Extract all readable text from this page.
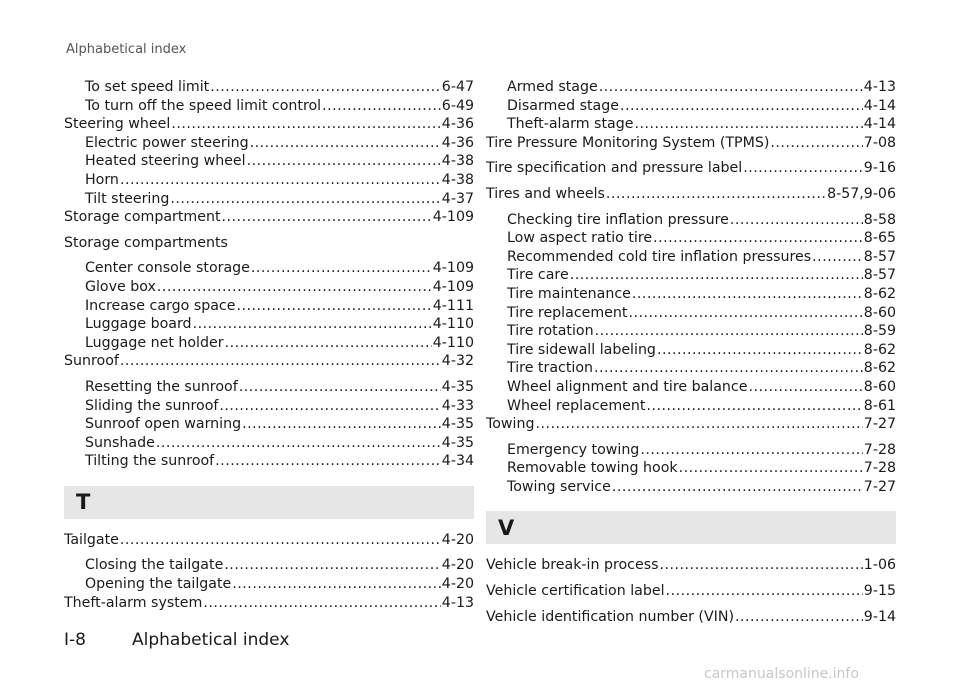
Alphabetical index
To set speed limit .....	6-47
To turn off the speed limit control .....	6-49
Steering wheel .....	4-36
Electric power steering .....	4-36
Heated steering wheel .....	4-38
Horn .....	4-38
Tilt steering .....	4-37
Storage compartment .....	4-109
Storage compartments
Center console storage .....	4-109
Glove box .....	4-109
Increase cargo space .....	4-111
Luggage board .....	4-110
Luggage net holder .....	4-110
Sunroof .....	4-32
Resetting the sunroof .....	4-35
Sliding the sunroof .....	4-33
Sunroof open warning .....	4-35
Sunshade .....	4-35
Tilting the sunroof .....	4-34
T
Tailgate .....	4-20
Closing the tailgate .....	4-20
Opening the tailgate .....	4-20
Theft-alarm system .....	4-13
Armed stage .....	4-13
Disarmed stage .....	4-14
Theft-alarm stage .....	4-14
Tire Pressure Monitoring System (TPMS) .....	7-08
Tire specification and pressure label .....	9-16
Tires and wheels .....	8-57,9-06
Checking tire inflation pressure .....	8-58
Low aspect ratio tire .....	8-65
Recommended cold tire inflation pressures .....	8-57
Tire care .....	8-57
Tire maintenance .....	8-62
Tire replacement .....	8-60
Tire rotation .....	8-59
Tire sidewall labeling .....	8-62
Tire traction .....	8-62
Wheel alignment and tire balance .....	8-60
Wheel replacement .....	8-61
Towing .....	7-27
Emergency towing .....	7-28
Removable towing hook .....	7-28
Towing service .....	7-27
V
Vehicle break-in process .....	1-06
Vehicle certification label .....	9-15
Vehicle identification number (VIN) .....	9-14
I-8	Alphabetical index
carmanualsonline.info
